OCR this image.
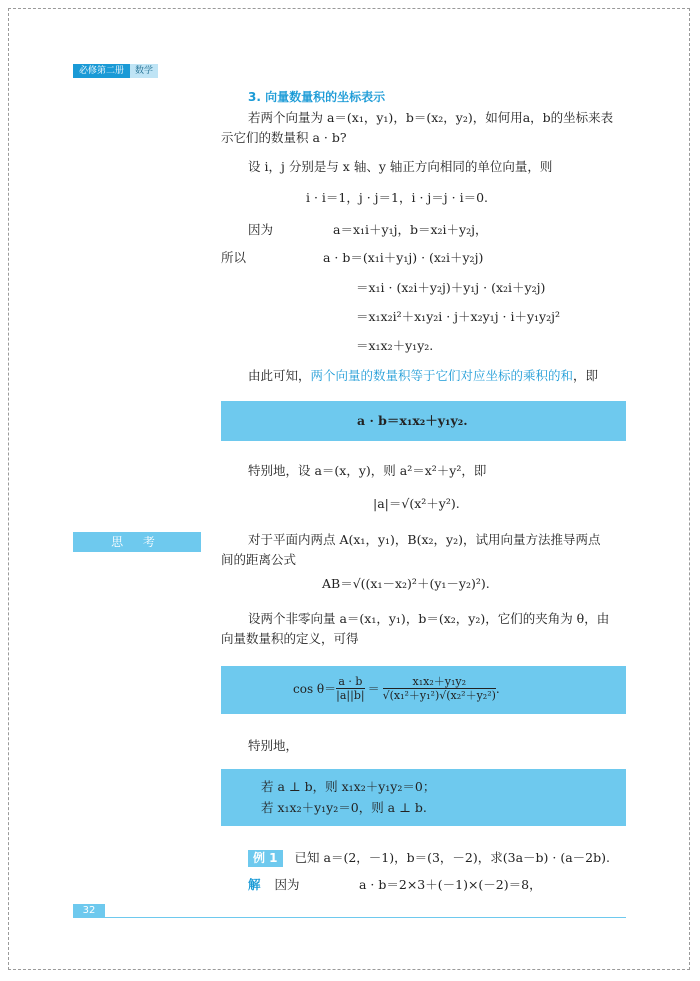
必修第二册	数学
3. 向量数量积的坐标表示
若两个向量为 a＝(x₁，y₁)，b＝(x₂，y₂)，如何用a，b的坐标来表
示它们的数量积 a · b?
设 i，j 分别是与 x 轴、y 轴正方向相同的单位向量，则
i · i＝1，j · j＝1，i · j＝j · i＝0.
因为	a＝x₁i＋y₁j，b＝x₂i＋y₂j，
所以	a · b＝(x₁i＋y₁j) · (x₂i＋y₂j)
＝x₁i · (x₂i＋y₂j)＋y₁j · (x₂i＋y₂j)
＝x₁x₂i²＋x₁y₂i · j＋x₂y₁j · i＋y₁y₂j²
＝x₁x₂＋y₁y₂.
由此可知，两个向量的数量积等于它们对应坐标的乘积的和，即
a · b＝x₁x₂＋y₁y₂.
特别地，设 a＝(x，y)，则 a²＝x²＋y²，即
|a|＝√(x²＋y²).
思 考	对于平面内两点 A(x₁，y₁)，B(x₂，y₂)，试用向量方法推导两点
间的距离公式
AB＝√((x₁－x₂)²＋(y₁－y₂)²).
设两个非零向量 a＝(x₁，y₁)，b＝(x₂，y₂)，它们的夹角为 θ，由
向量数量积的定义，可得
$\cos \theta= \frac{a \cdot b}{|a||b|} = \frac{\text{x₁x₂＋y₁y₂}}{\text{√(x₁²＋y₁²)√(x₂²＋y₂²)}}$ .
特别地，
若 a ⊥ b，则 x₁x₂＋y₁y₂＝0；
若 x₁x₂＋y₁y₂＝0，则 a ⊥ b.
例 1 已知 a＝(2，－1)，b＝(3，－2)，求(3a－b) · (a－2b).
解 因为	a · b＝2×3＋(－1)×(－2)＝8，
32
